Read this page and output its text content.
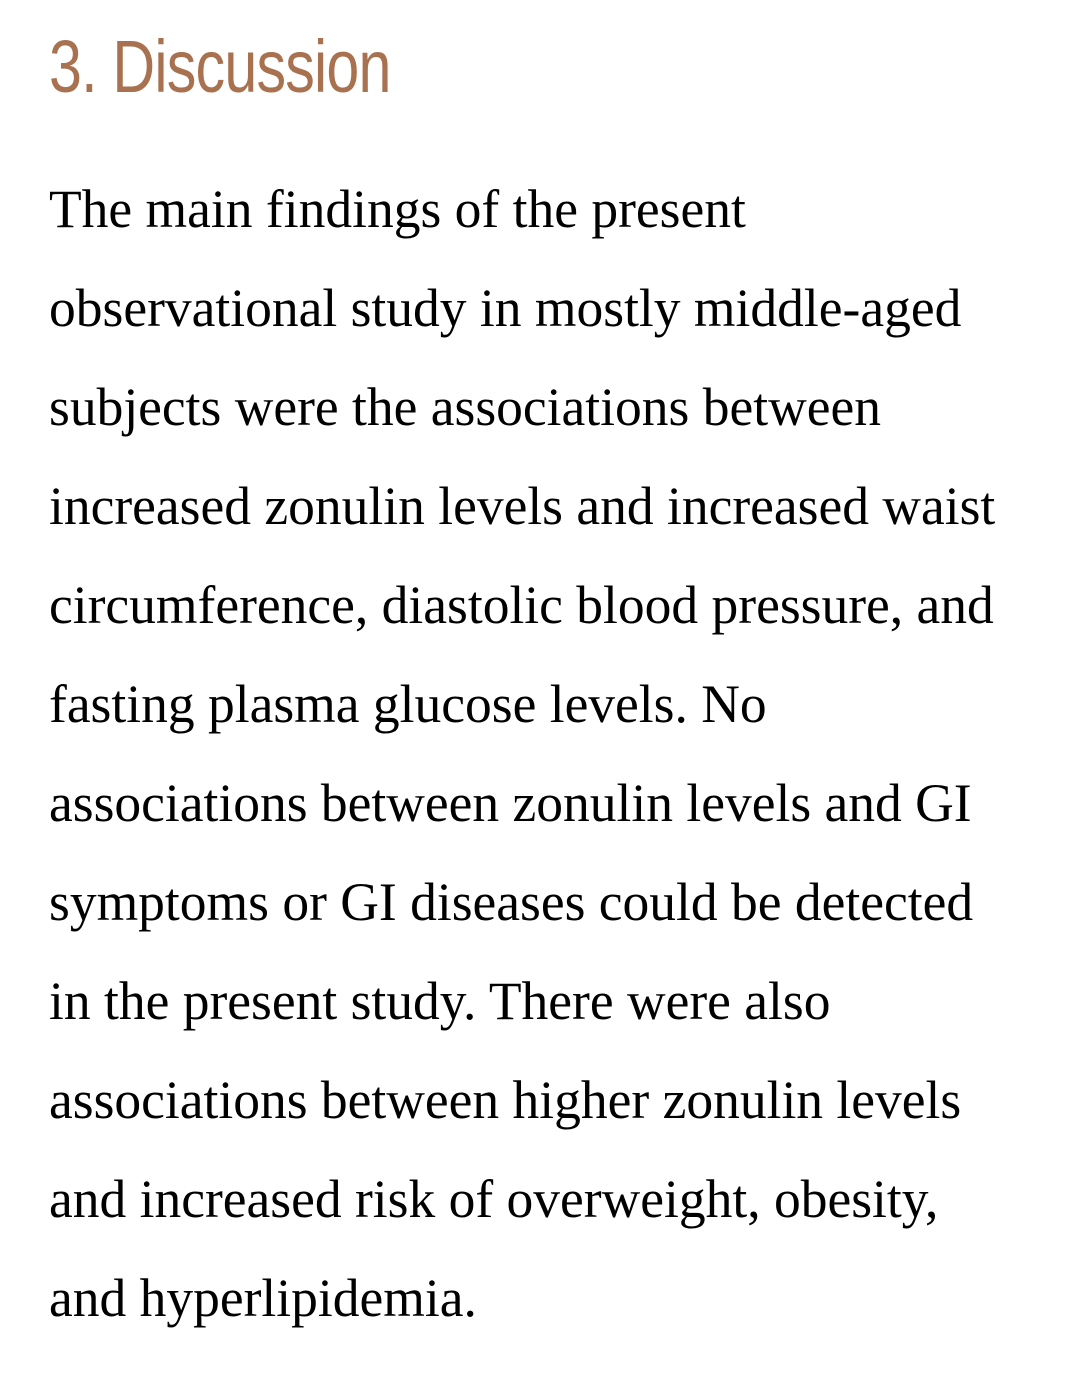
3. Discussion
The main findings of the present
observational study in mostly middle-aged
subjects were the associations between
increased zonulin levels and increased waist
circumference, diastolic blood pressure, and
fasting plasma glucose levels. No
associations between zonulin levels and GI
symptoms or GI diseases could be detected
in the present study. There were also
associations between higher zonulin levels
and increased risk of overweight, obesity,
and hyperlipidemia.
